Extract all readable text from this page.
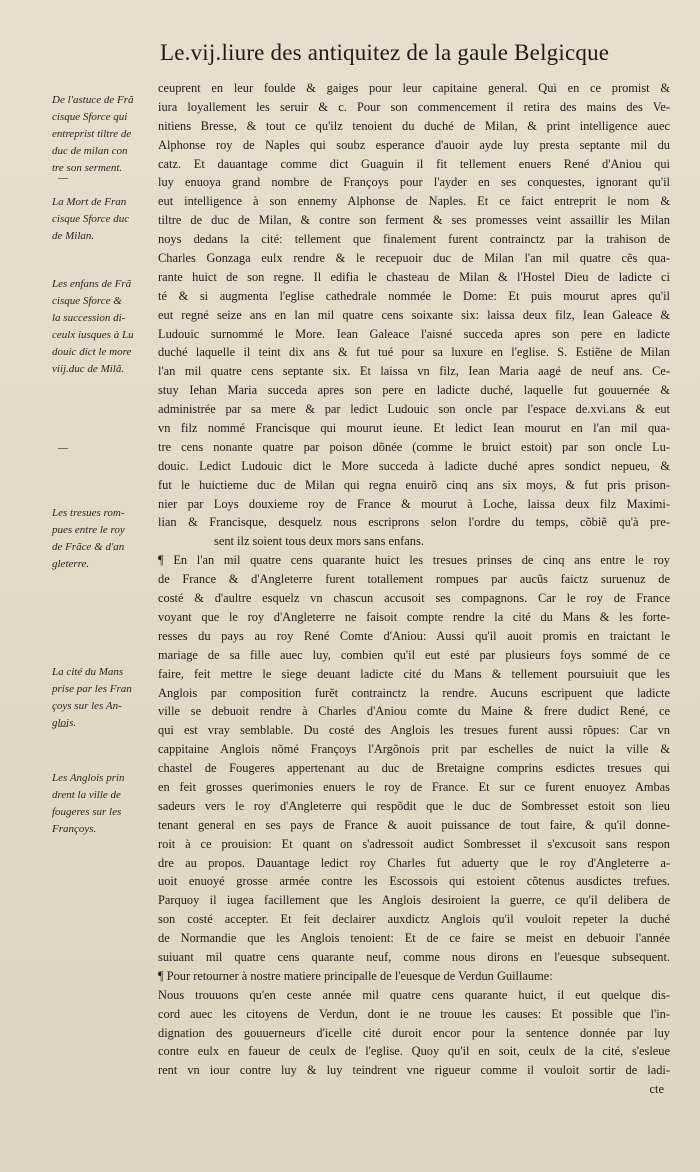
Le.vij.liure des antiquitez de la gaule Belgicque
De l'astuce de Frã
cisque Sforce qui
entreprist tiltre de
duc de milan con
tre son serment.
La Mort de Fran
cisque Sforce duc
de Milan.
Les enfans de Frã
cisque Sforce &
la succession di-
ceulx iusques à Lu
douic dict le more
viij.duc de Milã.
Les tresues rom-
pues entre le roy
de Frãce & d'an
gleterre.
La cité du Mans
prise par les Fran
çoys sur les An-
glois.
Les Anglois prin
drent la ville de
fougeres sur les
Françoys.
ceuprent en leur foulde & gaiges pour leur capitaine general. Qui en ce promist &
iura loyallement les seruir & c. Pour son commencement il retira des mains des Ve-
nitiens Bresse, & tout ce qu'ilz tenoient du duché de Milan, & print intelligence auec
Alphonse roy de Naples qui soubz esperance d'auoir ayde luy presta septante mil du
catz. Et dauantage comme dict Guaguin il fit tellement enuers René d'Aniou qui
luy enuoya grand nombre de Françoys pour l'ayder en ses conquestes, ignorant qu'il
eut intelligence à son ennemy Alphonse de Naples. Et ce faict entreprit le nom &
tiltre de duc de Milan, & contre son ferment & ses promesses veint assaillir les Milan
noys dedans la cité: tellement que finalement furent contrainctz par la trahison de
Charles Gonzaga eulx rendre & le recepuoir duc de Milan l'an mil quatre cẽs qua-
rante huict de son regne. Il edifia le chasteau de Milan & l'Hostel Dieu de ladicte ci
té & si augmenta l'eglise cathedrale nommée le Dome: Et puis mourut apres qu'il
eut regné seize ans en lan mil quatre cens soixante six: laissa deux filz, Iean Galeace &
Ludouic surnommé le More. Iean Galeace l'aisné succeda apres son pere en ladicte
duché laquelle il teint dix ans & fut tué pour sa luxure en l'eglise. S. Estiẽne de Milan
l'an mil quatre cens septante six. Et laissa vn filz, Iean Maria aagé de neuf ans. Ce-
stuy Iehan Maria succeda apres son pere en ladicte duché, laquelle fut gouuernée &
administrée par sa mere & par ledict Ludouic son oncle par l'espace de.xvi.ans & eut
vn filz nommé Francisque qui mourut ieune. Et ledict Iean mourut en l'an mil qua-
tre cens nonante quatre par poison dõnée (comme le bruict estoit) par son oncle Lu-
douic. Ledict Ludouic dict le More succeda à ladicte duché apres sondict nepueu, &
fut le huictieme duc de Milan qui regna enuirõ cinq ans six moys, & fut pris prison-
nier par Loys douxieme roy de France & mourut à Loche, laissa deux filz Maximi-
lian & Francisque, desquelz nous escriprons selon l'ordre du temps, cõbiẽ qu'à pre-
sent ilz soient tous deux mors sans enfans.
¶ En l'an mil quatre cens quarante huict les tresues prinses de cinq ans entre le roy
de France & d'Angleterre furent totallement rompues par aucũs faictz suruenuz de
costé & d'aultre esquelz vn chascun accusoit ses compagnons. Car le roy de France
voyant que le roy d'Angleterre ne faisoit compte rendre la cité du Mans & les forte-
resses du pays au roy René Comte d'Aniou: Aussi qu'il auoit promis en traictant le
mariage de sa fille auec luy, combien qu'il eut esté par plusieurs foys sommé de ce
faire, feit mettre le siege deuant ladicte cité du Mans & tellement poursuiuit que les
Anglois par composition furẽt contrainctz la rendre. Aucuns escripuent que ladicte
ville se debuoit rendre à Charles d'Aniou comte du Maine & frere dudict René, ce
qui est vray semblable. Du costé des Anglois les tresues furent aussi rõpues: Car vn
cappitaine Anglois nõmé Françoys l'Argõnois prit par eschelles de nuict la ville &
chastel de Fougeres appertenant au duc de Bretaigne comprins esdictes tresues qui
en feit grosses querimonies enuers le roy de France. Et sur ce furent enuoyez Ambas
sadeurs vers le roy d'Angleterre qui respõdit que le duc de Sombresset estoit son lieu
tenant general en ses pays de France & auoit puissance de tout faire, & qu'il donne-
roit à ce prouision: Et quant on s'adressoit audict Sombresset il s'excusoit sans respon
dre au propos. Dauantage ledict roy Charles fut aduerty que le roy d'Angleterre a-
uoit enuoyé grosse armée contre les Escossois qui estoient cõtenus ausdictes trefues.
Parquoy il iugea facillement que les Anglois desiroient la guerre, ce qu'il delibera de
son costé accepter. Et feit declairer auxdictz Anglois qu'il vouloit repeter la duché
de Normandie que les Anglois tenoient: Et de ce faire se meist en debuoir l'année
suiuant mil quatre cens quarante neuf, comme nous dirons en l'euesque subsequent.
¶ Pour retourner à nostre matiere principalle de l'euesque de Verdun Guillaume:
Nous trouuons qu'en ceste année mil quatre cens quarante huict, il eut quelque dis-
cord auec les citoyens de Verdun, dont ie ne trouue les causes: Et possible que l'in-
dignation des gouuerneurs d'icelle cité duroit encor pour la sentence donnée par luy
contre eulx en faueur de ceulx de l'eglise. Quoy qu'il en soit, ceulx de la cité, s'esleue
rent vn iour contre luy & luy teindrent vne rigueur comme il vouloit sortir de ladi-
cte
